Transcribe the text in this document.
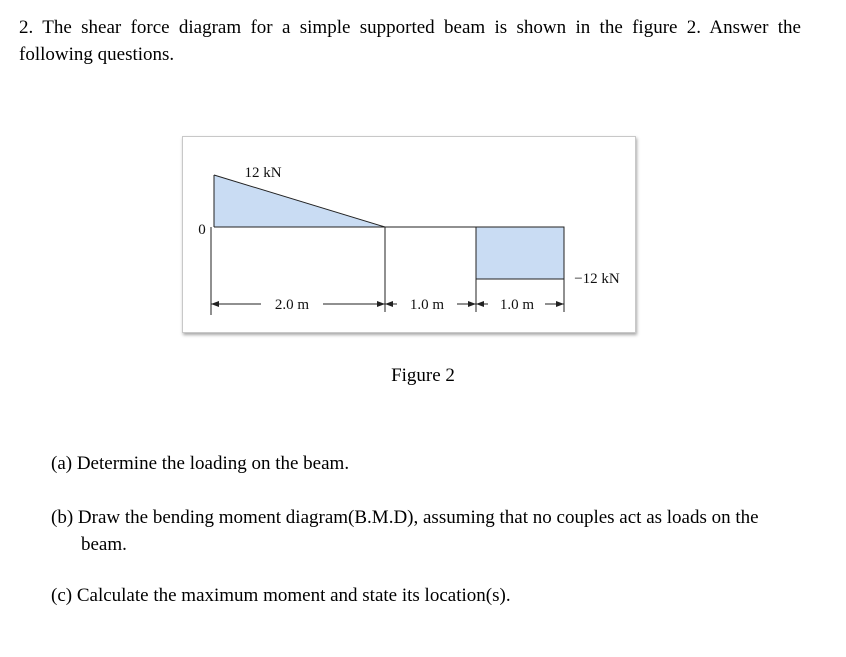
2. The shear force diagram for a simple supported beam is shown in the figure 2. Answer the following questions.
2.0 m	1.0 m	1.0 m
0
12 kN
−12 kN
Figure 2
(a) Determine the loading on the beam.
(b) Draw the bending moment diagram(B.M.D), assuming that no couples act as loads on the
beam.
(c) Calculate the maximum moment and state its location(s).
